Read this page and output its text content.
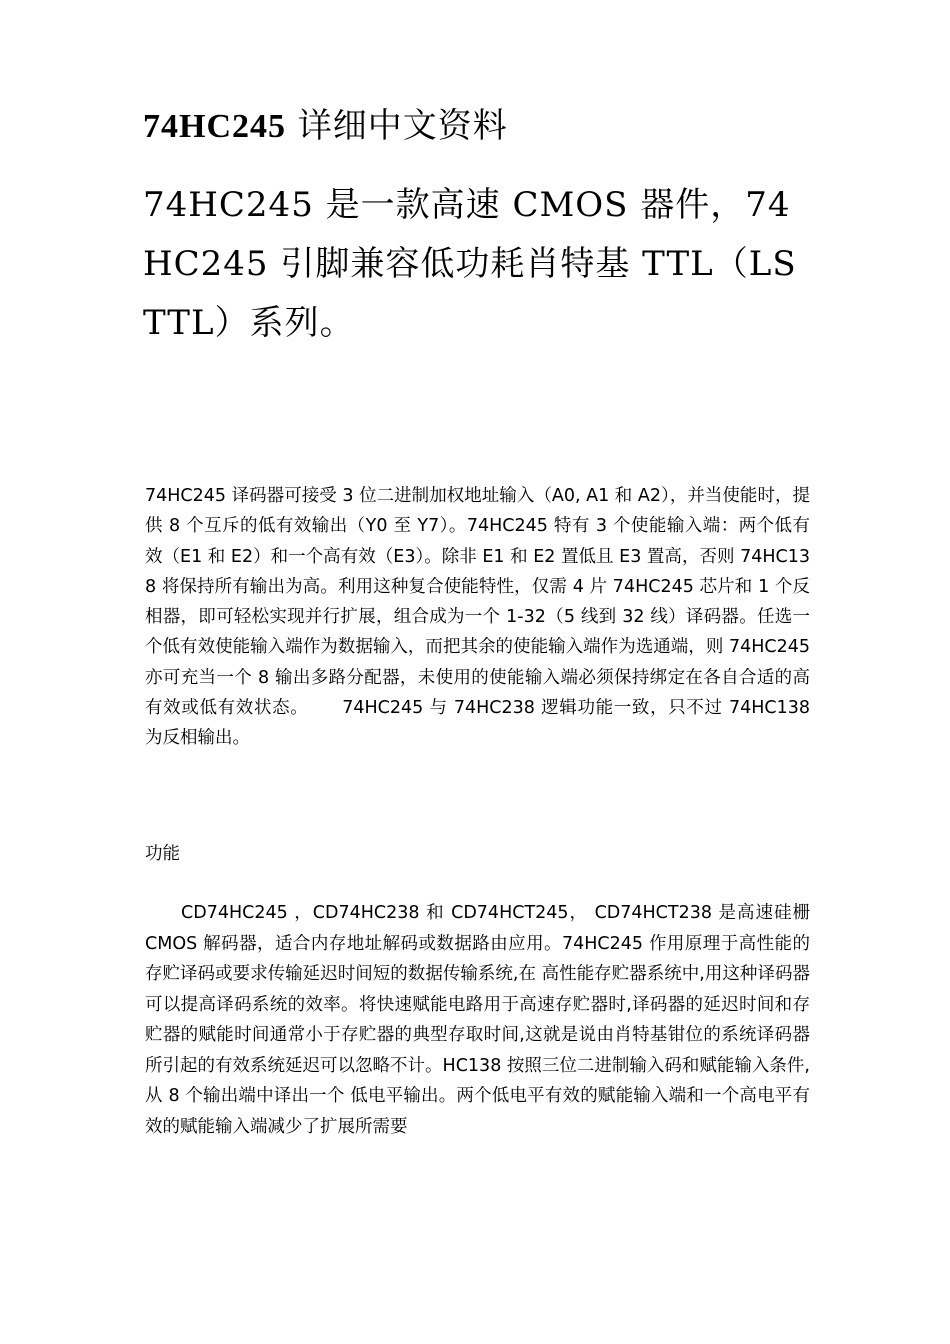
74HC245 详细中文资料
74HC245 是一款高速 CMOS 器件，74HC245 引脚兼容低功耗肖特基 TTL（LSTTL）系列。

74HC245 译码器可接受 3 位二进制加权地址输入（A0, A1 和 A2），并当使能时，提供 8 个互斥的低有效输出（Y0 至 Y7）。74HC245 特有 3 个使能输入端：两个低有效（E1 和 E2）和一个高有效（E3）。除非 E1 和 E2 置低且 E3 置高，否则 74HC138 将保持所有输出为高。利用这种复合使能特性，仅需 4 片 74HC245 芯片和 1 个反相器，即可轻松实现并行扩展，组合成为一个 1-32（5 线到 32 线）译码器。任选一个低有效使能输入端作为数据输入，而把其余的使能输入端作为选通端，则 74HC245 亦可充当一个 8 输出多路分配器，未使用的使能输入端必须保持绑定在各自合适的高有效或低有效状态。　　 74HC245 与 74HC238 逻辑功能一致，只不过 74HC138 为反相输出。

功能

CD74HC245 ，CD74HC238 和 CD74HCT245， CD74HCT238 是高速硅栅 CMOS 解码器，适合内存地址解码或数据路由应用。74HC245 作用原理于高性能的存贮译码或要求传输延迟时间短的数据传输系统,在 高性能存贮器系统中,用这种译码器可以提高译码系统的效率。将快速赋能电路用于高速存贮器时,译码器的延迟时间和存贮器的赋能时间通常小于存贮器的典型存取时间,这就是说由肖特基钳位的系统译码器所引起的有效系统延迟可以忽略不计。HC138 按照三位二进制输入码和赋能输入条件,从 8 个输出端中译出一个 低电平输出。两个低电平有效的赋能输入端和一个高电平有效的赋能输入端减少了扩展所需要
